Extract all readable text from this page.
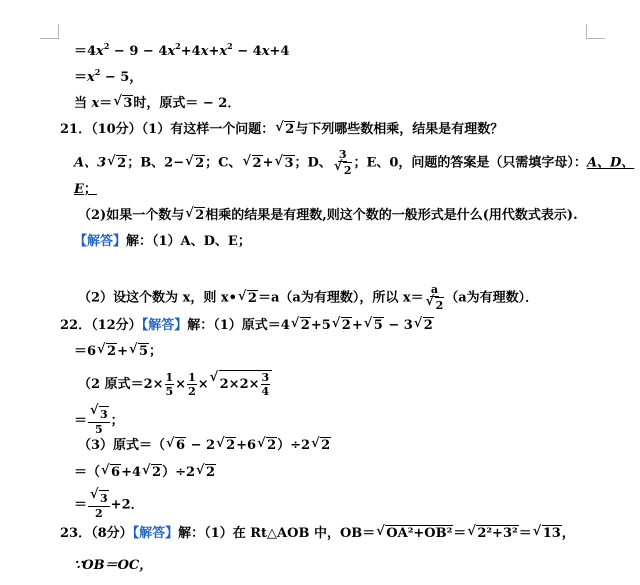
$=4x^2 - 9 - 4x^2+4x+x^2 - 4x+4$
$=x^2 - 5$，
当 x＝ √ 3时，原式＝ − 2．
21．（10分）（1）有这样一个问题： √ 2与下列哪些数相乘，结果是有理数？
A、3 √ 2；B、2− √ 2；C、 √ 2+ √ 3；D、 3
√ 2 ；E、0，问题的答案是（只需填字母）：A、D、
E；
（2)如果一个数与 √ 2相乘的结果是有理数,则这个数的一般形式是什么(用代数式表示).
【解答】解：（1）A、D、E；
（2）设这个数为 x，则 x• √ 2＝a（a为有理数），所以 x＝ a
√ 2 （a为有理数）．
22．（12分）【解答】解：（1）原式＝4 √ 2+5 √ 2+ √ 5 − 3 √ 2
＝6 √ 2+ √ 5；
（2 原式$=2\times \frac{1}{5} \times \frac{1}{2}$ × √ $2\times 2\times \frac{3}{4}$
＝ √ $\frac{3}{5}$ ；
（3）原式＝（ √ 6 − 2 √ 2+6 √ 2）÷2 √ 2
＝（ √ 6+4 √ 2）÷2 √ 2
＝ √ $\frac{3}{2} +2$．
23．（8分）【解答】解：（1）在 Rt△AOB 中，OB＝ √ OA²+OB²＝ √ 2²+3²＝ √ 13，
∵OB＝OC，
